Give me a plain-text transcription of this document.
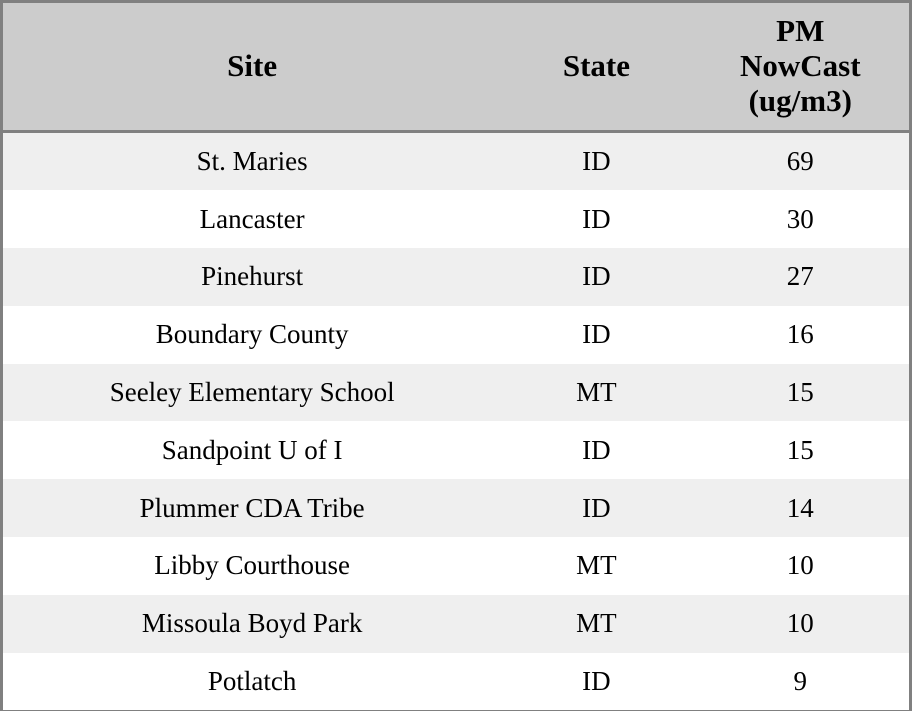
Site	State	PM
NowCast
(ug/m3)

St. Maries	ID	69
Lancaster	ID	30
Pinehurst	ID	27
Boundary County	ID	16
Seeley Elementary School	MT	15
Sandpoint U of I	ID	15
Plummer CDA Tribe	ID	14
Libby Courthouse	MT	10
Missoula Boyd Park	MT	10
Potlatch	ID	9
